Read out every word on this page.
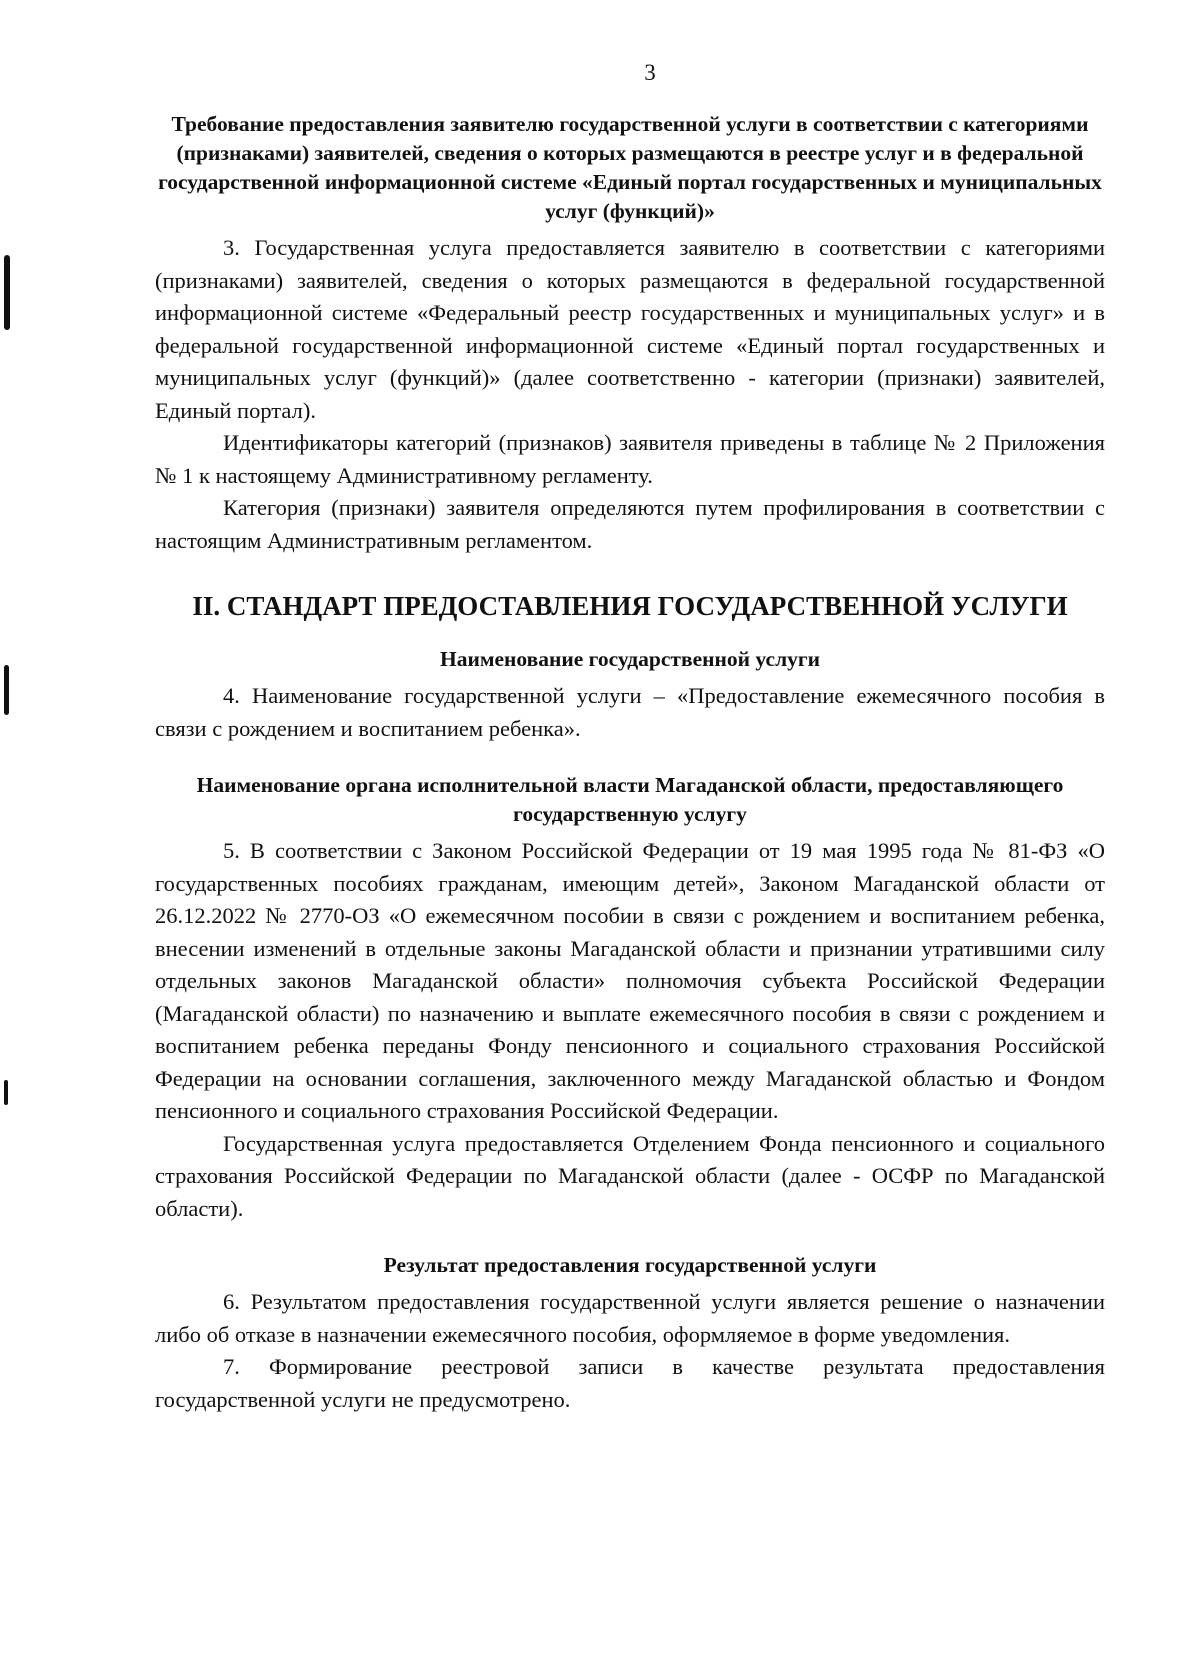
3
Требование предоставления заявителю государственной услуги в соответствии с категориями (признаками) заявителей, сведения о которых размещаются в реестре услуг и в федеральной государственной информационной системе «Единый портал государственных и муниципальных услуг (функций)»

3. Государственная услуга предоставляется заявителю в соответствии с категориями (признаками) заявителей, сведения о которых размещаются в федеральной государственной информационной системе «Федеральный реестр государственных и муниципальных услуг» и в федеральной государственной информационной системе «Единый портал государственных и муниципальных услуг (функций)» (далее соответственно - категории (признаки) заявителей, Единый портал).

Идентификаторы категорий (признаков) заявителя приведены в таблице № 2 Приложения № 1 к настоящему Административному регламенту.

Категория (признаки) заявителя определяются путем профилирования в соответствии с настоящим Административным регламентом.

II. СТАНДАРТ ПРЕДОСТАВЛЕНИЯ ГОСУДАРСТВЕННОЙ УСЛУГИ
Наименование государственной услуги

4. Наименование государственной услуги – «Предоставление ежемесячного пособия в связи с рождением и воспитанием ребенка».

Наименование органа исполнительной власти Магаданской области, предоставляющего государственную услугу

5. В соответствии с Законом Российской Федерации от 19 мая 1995 года № 81-ФЗ «О государственных пособиях гражданам, имеющим детей», Законом Магаданской области от 26.12.2022 № 2770-ОЗ «О ежемесячном пособии в связи с рождением и воспитанием ребенка, внесении изменений в отдельные законы Магаданской области и признании утратившими силу отдельных законов Магаданской области» полномочия субъекта Российской Федерации (Магаданской области) по назначению и выплате ежемесячного пособия в связи с рождением и воспитанием ребенка переданы Фонду пенсионного и социального страхования Российской Федерации на основании соглашения, заключенного между Магаданской областью и Фондом пенсионного и социального страхования Российской Федерации.

Государственная услуга предоставляется Отделением Фонда пенсионного и социального страхования Российской Федерации по Магаданской области (далее - ОСФР по Магаданской области).

Результат предоставления государственной услуги

6. Результатом предоставления государственной услуги является решение о назначении либо об отказе в назначении ежемесячного пособия, оформляемое в форме уведомления.

7. Формирование реестровой записи в качестве результата предоставления государственной услуги не предусмотрено.
